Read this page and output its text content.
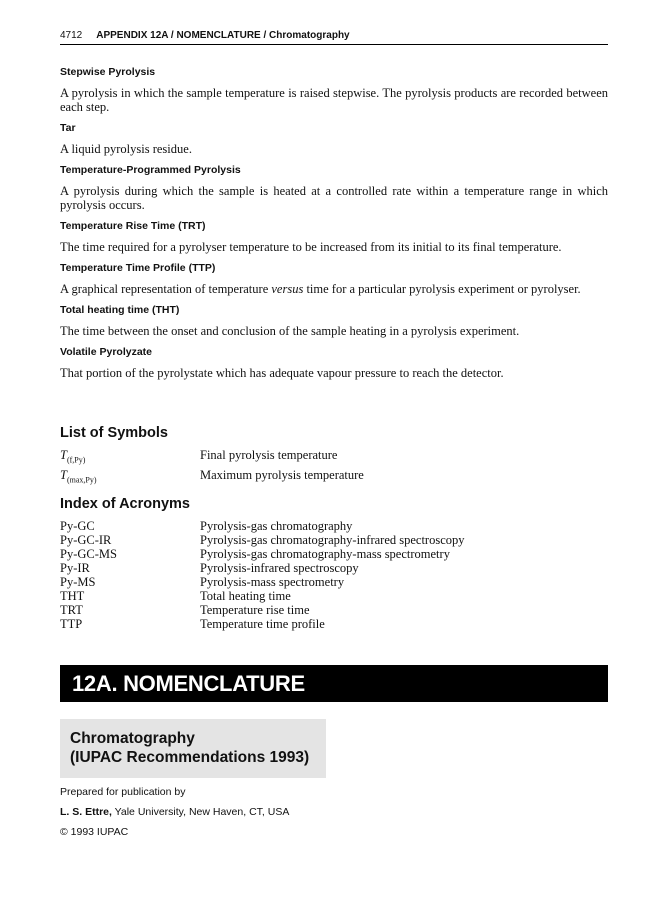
4712 APPENDIX 12A / NOMENCLATURE / Chromatography
Stepwise Pyrolysis
A pyrolysis in which the sample temperature is raised stepwise. The pyrolysis products are recorded between each step.
Tar
A liquid pyrolysis residue.
Temperature-Programmed Pyrolysis
A pyrolysis during which the sample is heated at a controlled rate within a temperature range in which pyrolysis occurs.
Temperature Rise Time (TRT)
The time required for a pyrolyser temperature to be increased from its initial to its final temperature.
Temperature Time Profile (TTP)
A graphical representation of temperature versus time for a particular pyrolysis experiment or pyrolyser.
Total heating time (THT)
The time between the onset and conclusion of the sample heating in a pyrolysis experiment.
Volatile Pyrolyzate
That portion of the pyrolystate which has adequate vapour pressure to reach the detector.
List of Symbols
$T_{(f,Py)}$	Final pyrolysis temperature
$T_{(max,Py)}$	Maximum pyrolysis temperature
Index of Acronyms
Py-GC	Pyrolysis-gas chromatography
Py-GC-IR	Pyrolysis-gas chromatography-infrared spectroscopy
Py-GC-MS	Pyrolysis-gas chromatography-mass spectrometry
Py-IR	Pyrolysis-infrared spectroscopy
Py-MS	Pyrolysis-mass spectrometry
THT	Total heating time
TRT	Temperature rise time
TTP	Temperature time profile
12A. NOMENCLATURE
Chromatography
(IUPAC Recommendations 1993)
Prepared for publication by
L. S. Ettre, Yale University, New Haven, CT, USA
© 1993 IUPAC
